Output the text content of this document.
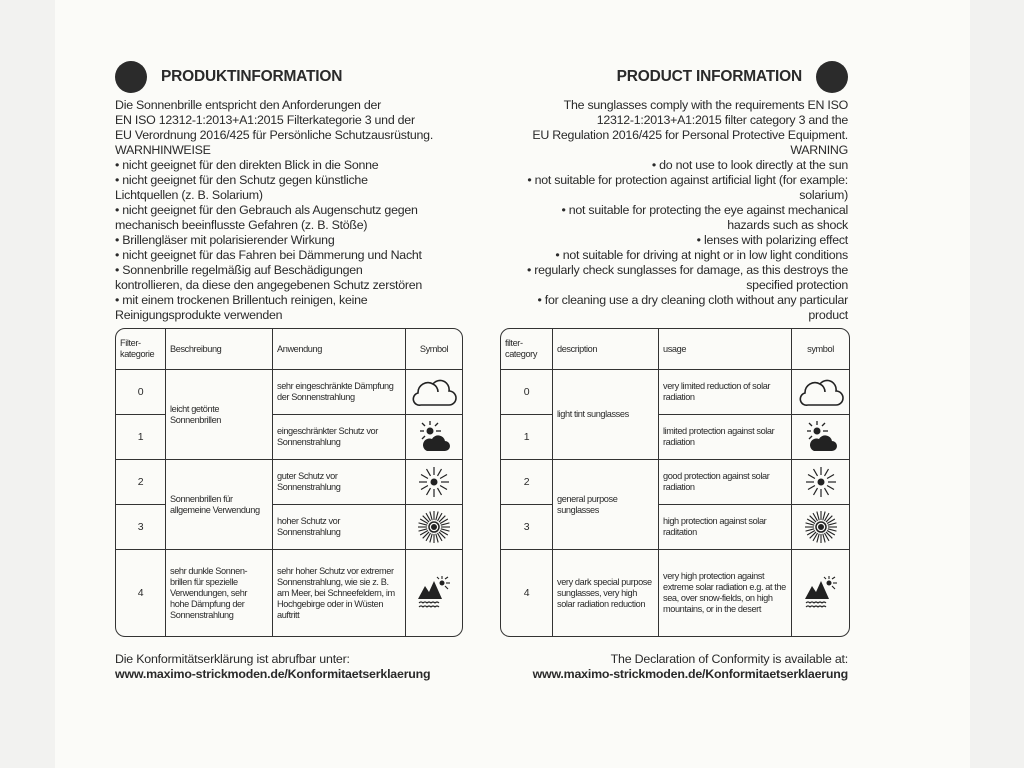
PRODUKTINFORMATION

Die Sonnenbrille entspricht den Anforderungen der

EN ISO 12312-1:2013+A1:2015 Filterkategorie 3 und der

EU Verordnung 2016/425 für Persönliche Schutzausrüstung.

WARNHINWEISE

• nicht geeignet für den direkten Blick in die Sonne

• nicht geeignet für den Schutz gegen künstliche

Lichtquellen (z. B. Solarium)

• nicht geeignet für den Gebrauch als Augenschutz gegen

mechanisch beeinflusste Gefahren (z. B. Stöße)

• Brillengläser mit polarisierender Wirkung

• nicht geeignet für das Fahren bei Dämmerung und Nacht

• Sonnenbrille regelmäßig auf Beschädigungen

kontrollieren, da diese den angegebenen Schutz zerstören

• mit einem trockenen Brillentuch reinigen, keine

Reinigungsprodukte verwenden

PRODUCT INFORMATION

The sunglasses comply with the requirements EN ISO

12312-1:2013+A1:2015 filter category 3 and the

EU Regulation 2016/425 for Personal Protective Equipment.

WARNING

• do not use to look directly at the sun

• not suitable for protection against artificial light (for example:

solarium)

• not suitable for protecting the eye against mechanical

hazards such as shock

• lenses with polarizing effect

• not suitable for driving at night or in low light conditions

• regularly check sunglasses for damage, as this destroys the

specified protection

• for cleaning use a dry cleaning cloth without any particular

product

Filter-kategorie	Beschreibung	Anwendung	Symbol
0	leicht getönte Sonnenbrillen	sehr eingeschränkte Dämpfung der Sonnenstrahlung	

1		eingeschränkter Schutz vor Sonnenstrahlung	

2	Sonnenbrillen für allgemeine Verwendung	guter Schutz vor Sonnenstrahlung	

3		hoher Schutz vor Sonnenstrahlung	

4	sehr dunkle Sonnen-brillen für spezielle Verwendungen, sehr hohe Dämpfung der Sonnenstrahlung	sehr hoher Schutz vor extremer Sonnenstrahlung, wie sie z. B. am Meer, bei Schneefeldern, im Hochgebirge oder in Wüsten auftritt	
filter-category	description	usage	symbol
0	light tint sunglasses	very limited reduction of solar radiation	

1		limited protection against solar radiation	

2	general purpose sunglasses	good protection against solar radiation	

3		high protection against solar raditation	

4	very dark special purpose sunglasses, very high solar radiation reduction	very high protection against extreme solar radiation e.g. at the sea, over snow-fields, on high mountains, or in the desert	
Die Konformitätserklärung ist abrufbar unter:
www.maximo-strickmoden.de/Konformitaetserklaerung
The Declaration of Conformity is available at:
www.maximo-strickmoden.de/Konformitaetserklaerung
